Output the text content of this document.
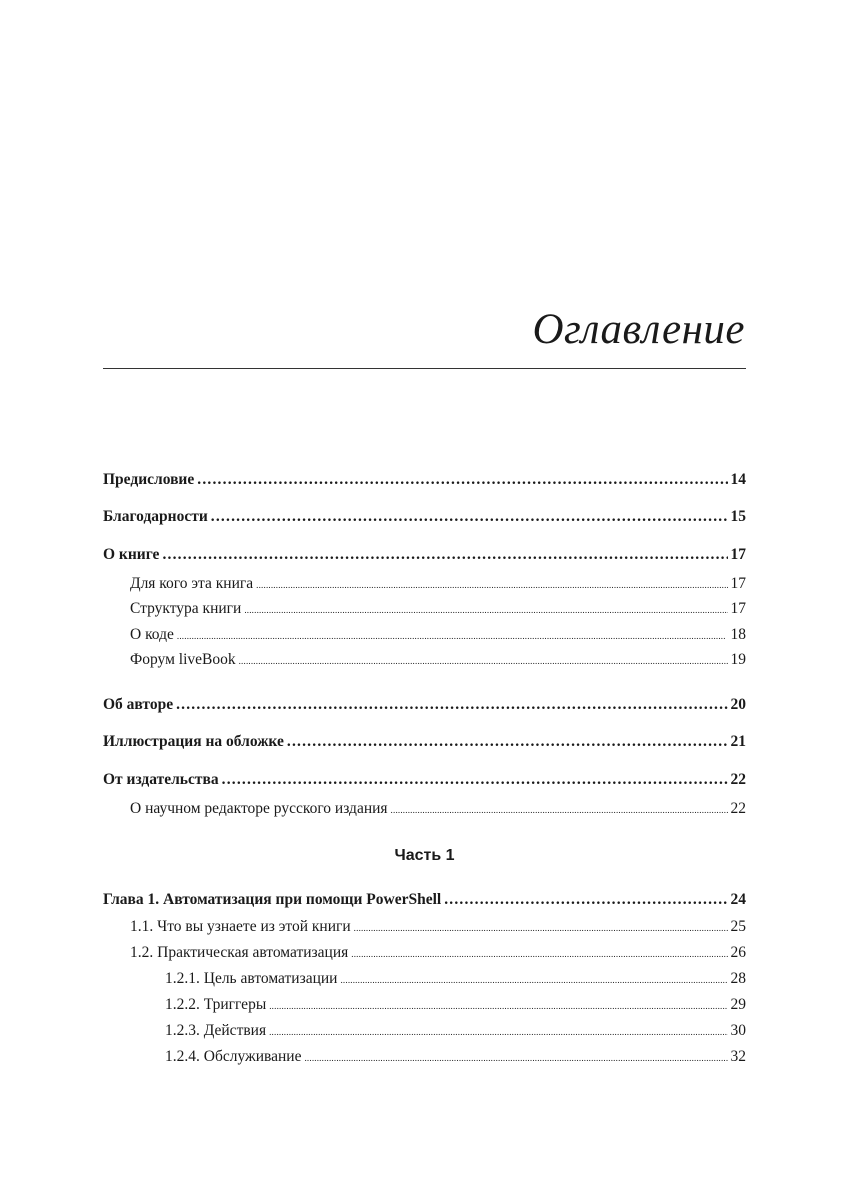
Оглавление
Предисловие .....	14
Благодарности .....	15
О книге .....	17
Для кого эта книга .....	17
Структура книги .....	17
О коде .....	18
Форум liveBook .....	19
Об авторе .....	20
Иллюстрация на обложке .....	21
От издательства .....	22
О научном редакторе русского издания .....	22
Глава 1. Автоматизация при помощи PowerShell .....	24
1.1. Что вы узнаете из этой книги .....	25
1.2. Практическая автоматизация .....	26
1.2.1. Цель автоматизации .....	28
1.2.2. Триггеры .....	29
1.2.3. Действия .....	30
1.2.4. Обслуживание .....	32
Часть 1
